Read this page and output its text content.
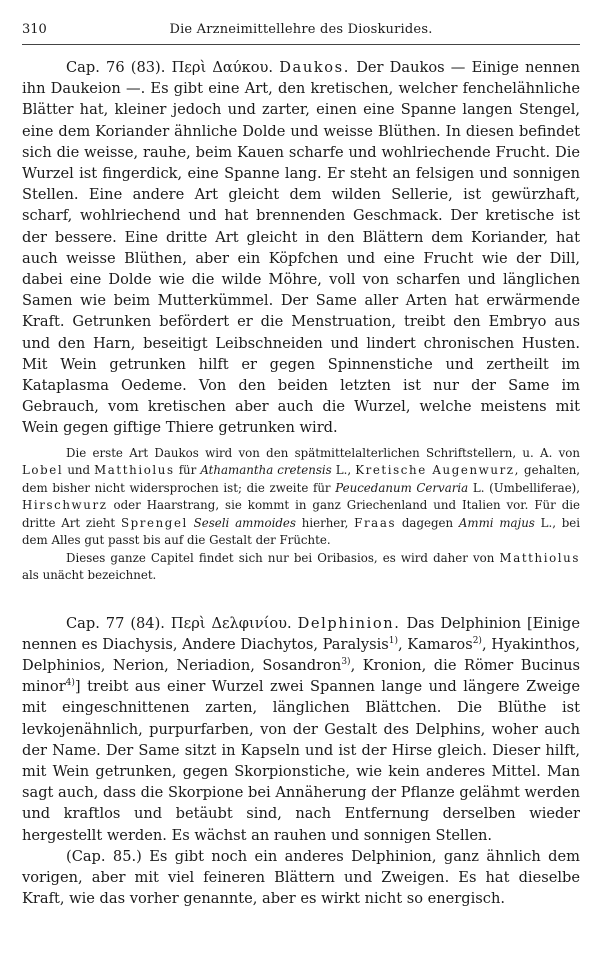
310	Die Arzneimittellehre des Dioskurides.

Cap. 76 (83). Περὶ Δαύκου. Daukos. Der Daukos — Einige nennen ihn Daukeion —. Es gibt eine Art, den kretischen, welcher fenchelähnliche Blätter hat, kleiner jedoch und zarter, einen eine Spanne langen Stengel, eine dem Koriander ähnliche Dolde und weisse Blüthen. In diesen befindet sich die weisse, rauhe, beim Kauen scharfe und wohlriechende Frucht. Die Wurzel ist fingerdick, eine Spanne lang. Er steht an felsigen und sonnigen Stellen. Eine andere Art gleicht dem wilden Sellerie, ist gewürzhaft, scharf, wohlriechend und hat brennenden Geschmack. Der kretische ist der bessere. Eine dritte Art gleicht in den Blättern dem Koriander, hat auch weisse Blüthen, aber ein Köpfchen und eine Frucht wie der Dill, dabei eine Dolde wie die wilde Möhre, voll von scharfen und länglichen Samen wie beim Mutterkümmel. Der Same aller Arten hat erwärmende Kraft. Getrunken befördert er die Menstruation, treibt den Embryo aus und den Harn, beseitigt Leibschneiden und lindert chronischen Husten. Mit Wein getrunken hilft er gegen Spinnenstiche und zertheilt im Kataplasma Oedeme. Von den beiden letzten ist nur der Same im Gebrauch, vom kretischen aber auch die Wurzel, welche meistens mit Wein gegen giftige Thiere getrunken wird.

Die erste Art Daukos wird von den spätmittelalterlichen Schriftstellern, u. A. von Lobel und Matthiolus für Athamantha cretensis L., Kretische Augenwurz, gehalten, dem bisher nicht widersprochen ist; die zweite für Peucedanum Cervaria L. (Umbelliferae), Hirschwurz oder Haarstrang, sie kommt in ganz Griechenland und Italien vor. Für die dritte Art zieht Sprengel Seseli ammoides hierher, Fraas dagegen Ammi majus L., bei dem Alles gut passt bis auf die Gestalt der Früchte.

Dieses ganze Capitel findet sich nur bei Oribasios, es wird daher von Matthiolus als unächt bezeichnet.

Cap. 77 (84). Περὶ Δελφινίου. Delphinion. Das Delphinion [Einige nennen es Diachysis, Andere Diachytos, Paralysis$^{1)}$, Kamaros$^{2)}$, Hyakinthos, Delphinios, Nerion, Neriadion, Sosandron$^{3)}$, Kronion, die Römer Bucinus minor$^{4)}$] treibt aus einer Wurzel zwei Spannen lange und längere Zweige mit eingeschnittenen zarten, länglichen Blättchen. Die Blüthe ist levkojenähnlich, purpurfarben, von der Gestalt des Delphins, woher auch der Name. Der Same sitzt in Kapseln und ist der Hirse gleich. Dieser hilft, mit Wein getrunken, gegen Skorpionstiche, wie kein anderes Mittel. Man sagt auch, dass die Skorpione bei Annäherung der Pflanze gelähmt werden und kraftlos und betäubt sind, nach Entfernung derselben wieder hergestellt werden. Es wächst an rauhen und sonnigen Stellen.

(Cap. 85.) Es gibt noch ein anderes Delphinion, ganz ähnlich dem vorigen, aber mit viel feineren Blättern und Zweigen. Es hat dieselbe Kraft, wie das vorher genannte, aber es wirkt nicht so energisch.
